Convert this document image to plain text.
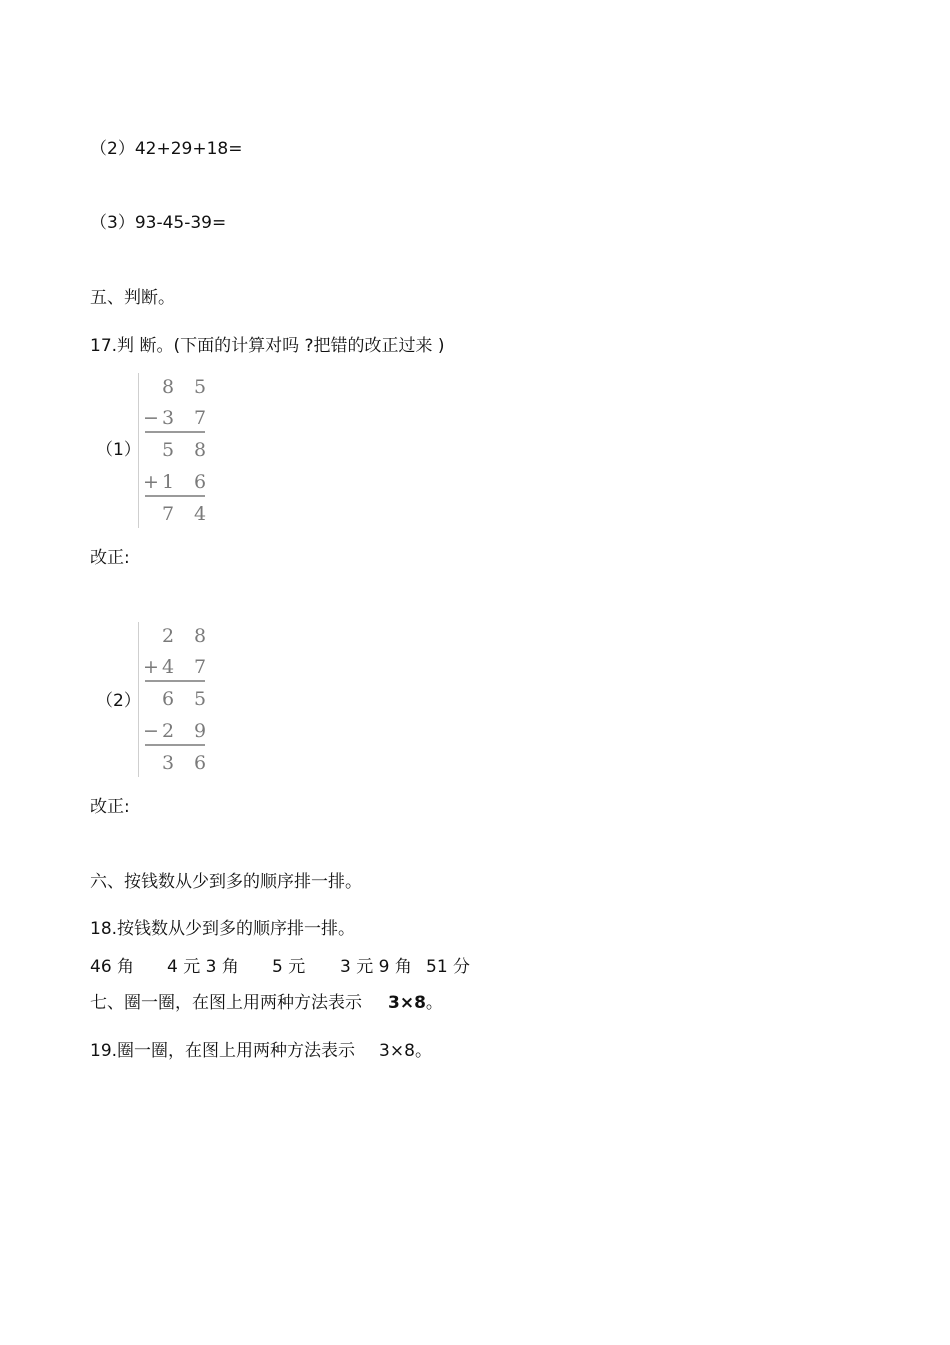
（2）42+29+18=
（3）93-45-39=
五、判断。
17.判 断。(下面的计算对吗 ?把错的改正过来 )
（1）
8 5
− 3 7
5 8
+ 1 6
7 4
改正:
（2）
2 8
+ 4 7
6 5
− 2 9
3 6
改正:
六、按钱数从少到多的顺序排一排。
18.按钱数从少到多的顺序排一排。
46 角 4 元 3 角 5 元 3 元 9 角 51 分
七、圈一圈，在图上用两种方法表示 3×8。
19.圈一圈，在图上用两种方法表示 3×8。
